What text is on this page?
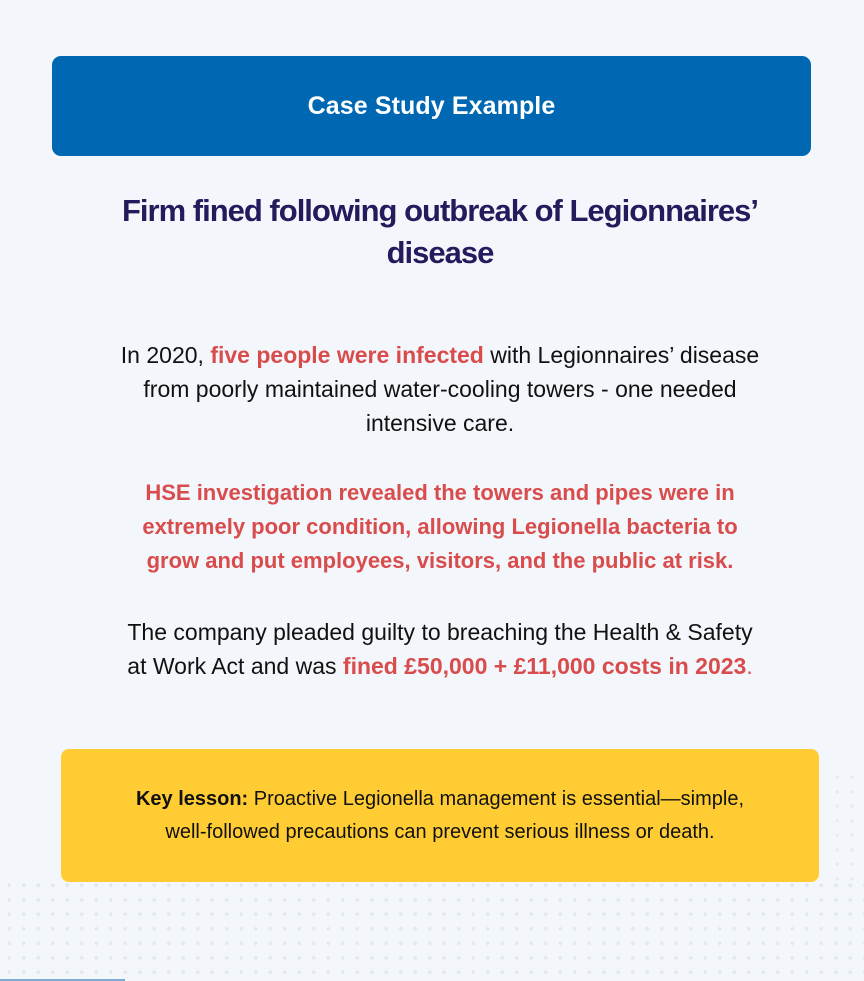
Case Study Example
Firm fined following outbreak of Legionnaires’
disease
In 2020, five people were infected with Legionnaires’ disease
from poorly maintained water-cooling towers - one needed
intensive care.
HSE investigation revealed the towers and pipes were in
extremely poor condition, allowing Legionella bacteria to
grow and put employees, visitors, and the public at risk.
The company pleaded guilty to breaching the Health & Safety
at Work Act and was fined £50,000 + £11,000 costs in 2023.
Key lesson: Proactive Legionella management is essential—simple,
well-followed precautions can prevent serious illness or death.
